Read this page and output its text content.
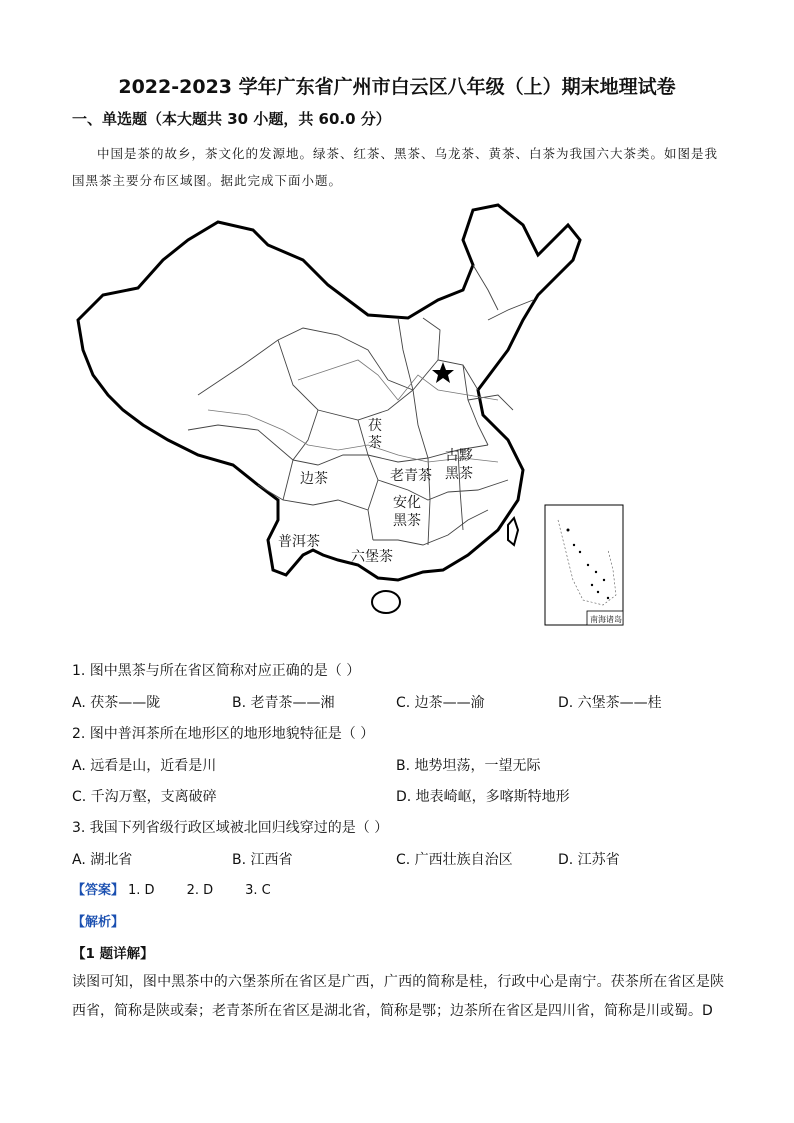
2022-2023 学年广东省广州市白云区八年级（上）期末地理试卷
一、单选题（本大题共 30 小题，共 60.0 分）
中国是茶的故乡，茶文化的发源地。绿茶、红茶、黑茶、乌龙茶、黄茶、白茶为我国六大茶类。如图是我国黑茶主要分布区域图。据此完成下面小题。
茯
茶
边茶	老青茶
古黟
黑茶
安化
黑茶
普洱茶
六堡茶
南海诸岛
1. 图中黑茶与所在省区简称对应正确的是（ ）
A. 茯茶——陇	B. 老青茶——湘	C. 边茶——渝	D. 六堡茶——桂
2. 图中普洱茶所在地形区的地形地貌特征是（ ）
A. 远看是山，近看是川	B. 地势坦荡，一望无际
C. 千沟万壑，支离破碎	D. 地表崎岖，多喀斯特地形
3. 我国下列省级行政区域被北回归线穿过的是（ ）
A. 湖北省	B. 江西省	C. 广西壮族自治区	D. 江苏省
【答案】 1. D 2. D 3. C
【解析】
【1 题详解】
读图可知，图中黑茶中的六堡茶所在省区是广西，广西的简称是桂，行政中心是南宁。茯茶所在省区是陕西省，简称是陕或秦；老青茶所在省区是湖北省，简称是鄂；边茶所在省区是四川省，简称是川或蜀。D
